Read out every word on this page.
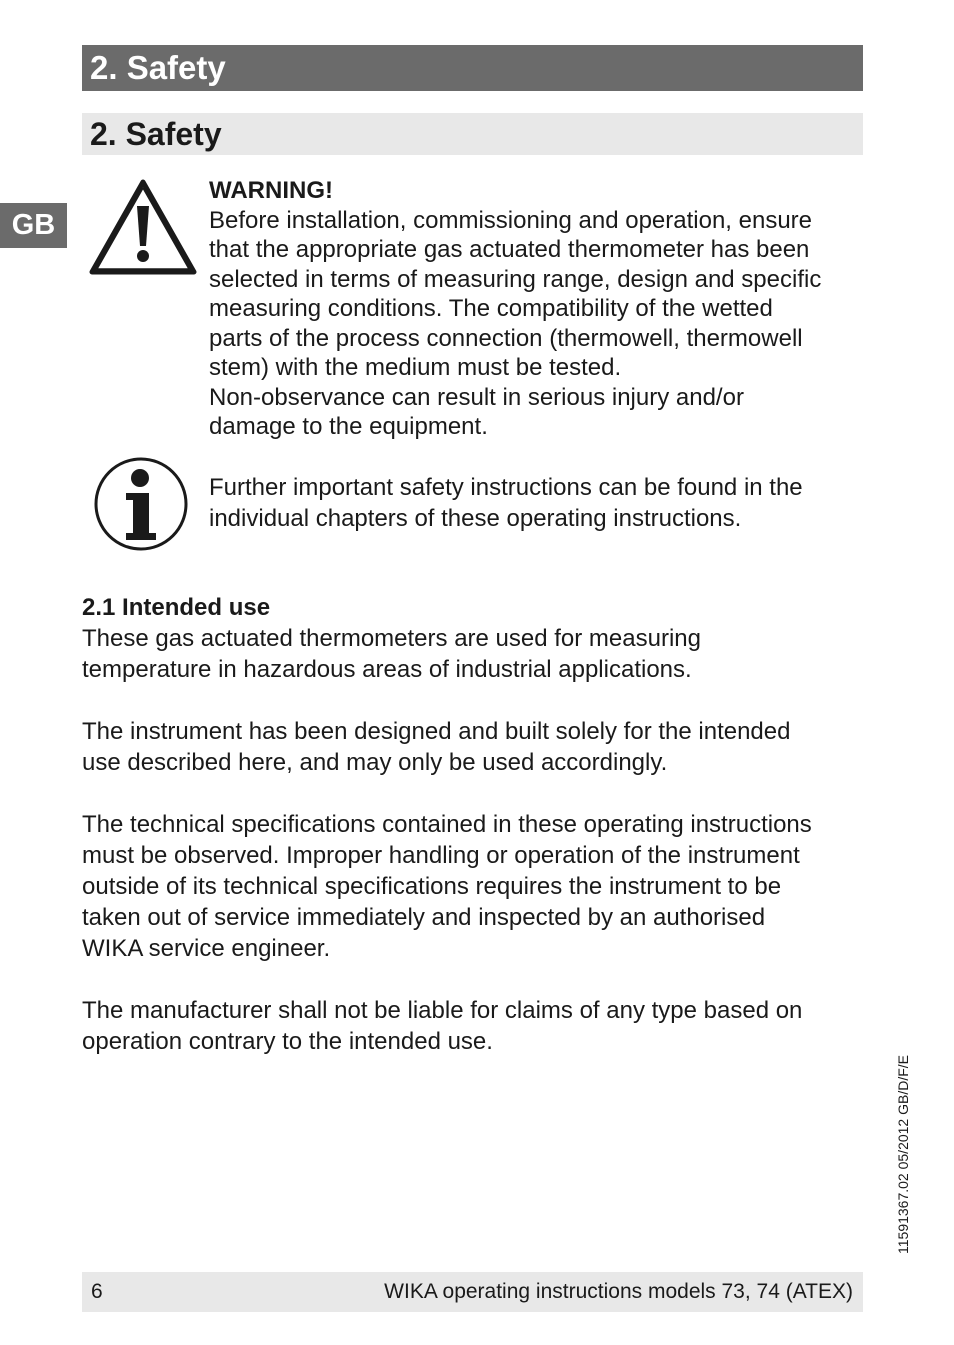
2. Safety
2. Safety
GB
WARNING!
Before installation, commissioning and operation, ensure
that the appropriate gas actuated thermometer has been
selected in terms of measuring range, design and specific
measuring conditions. The compatibility of the wetted
parts of the process connection (thermowell, thermowell
stem) with the medium must be tested.
Non-observance can result in serious injury and/or
damage to the equipment.
Further important safety instructions can be found in the
individual chapters of these operating instructions.
2.1 Intended use

These gas actuated thermometers are used for measuring
temperature in hazardous areas of industrial applications.

The instrument has been designed and built solely for the intended
use described here, and may only be used accordingly.

The technical specifications contained in these operating instructions
must be observed. Improper handling or operation of the instrument
outside of its technical specifications requires the instrument to be
taken out of service immediately and inspected by an authorised
WIKA service engineer.

The manufacturer shall not be liable for claims of any type based on
operation contrary to the intended use.

11591367.02 05/2012 GB/D/F/E
6	WIKA operating instructions models 73, 74 (ATEX)
